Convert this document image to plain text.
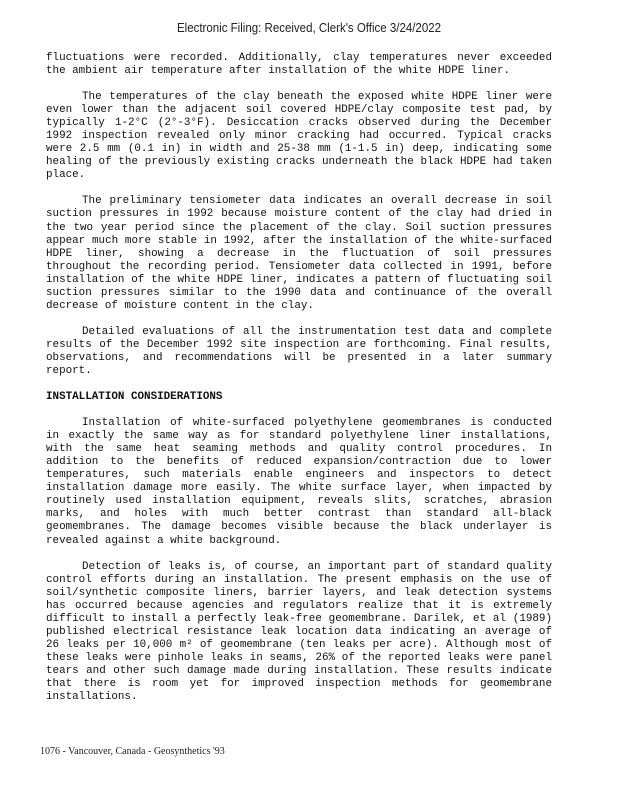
Electronic Filing: Received, Clerk's Office 3/24/2022

fluctuations were recorded. Additionally, clay temperatures never exceeded the ambient air temperature after installation of the white HDPE liner.

The temperatures of the clay beneath the exposed white HDPE liner were even lower than the adjacent soil covered HDPE/clay composite test pad, by typically 1-2°C (2°-3°F). Desiccation cracks observed during the December 1992 inspection revealed only minor cracking had occurred. Typical cracks were 2.5 mm (0.1 in) in width and 25-38 mm (1-1.5 in) deep, indicating some healing of the previously existing cracks underneath the black HDPE had taken place.

The preliminary tensiometer data indicates an overall decrease in soil suction pressures in 1992 because moisture content of the clay had dried in the two year period since the placement of the clay. Soil suction pressures appear much more stable in 1992, after the installation of the white-surfaced HDPE liner, showing a decrease in the fluctuation of soil pressures throughout the recording period. Tensiometer data collected in 1991, before installation of the white HDPE liner, indicates a pattern of fluctuating soil suction pressures similar to the 1990 data and continuance of the overall decrease of moisture content in the clay.

Detailed evaluations of all the instrumentation test data and complete results of the December 1992 site inspection are forthcoming. Final results, observations, and recommendations will be presented in a later summary report.

INSTALLATION CONSIDERATIONS

Installation of white-surfaced polyethylene geomembranes is conducted in exactly the same way as for standard polyethylene liner installations, with the same heat seaming methods and quality control procedures. In addition to the benefits of reduced expansion/contraction due to lower temperatures, such materials enable engineers and inspectors to detect installation damage more easily. The white surface layer, when impacted by routinely used installation equipment, reveals slits, scratches, abrasion marks, and holes with much better contrast than standard all-black geomembranes. The damage becomes visible because the black underlayer is revealed against a white background.

Detection of leaks is, of course, an important part of standard quality control efforts during an installation. The present emphasis on the use of soil/synthetic composite liners, barrier layers, and leak detection systems has occurred because agencies and regulators realize that it is extremely difficult to install a perfectly leak-free geomembrane. Darilek, et al (1989) published electrical resistance leak location data indicating an average of 26 leaks per 10,000 m² of geomembrane (ten leaks per acre). Although most of these leaks were pinhole leaks in seams, 26% of the reported leaks were panel tears and other such damage made during installation. These results indicate that there is room yet for improved inspection methods for geomembrane installations.

1076 - Vancouver, Canada - Geosynthetics '93
